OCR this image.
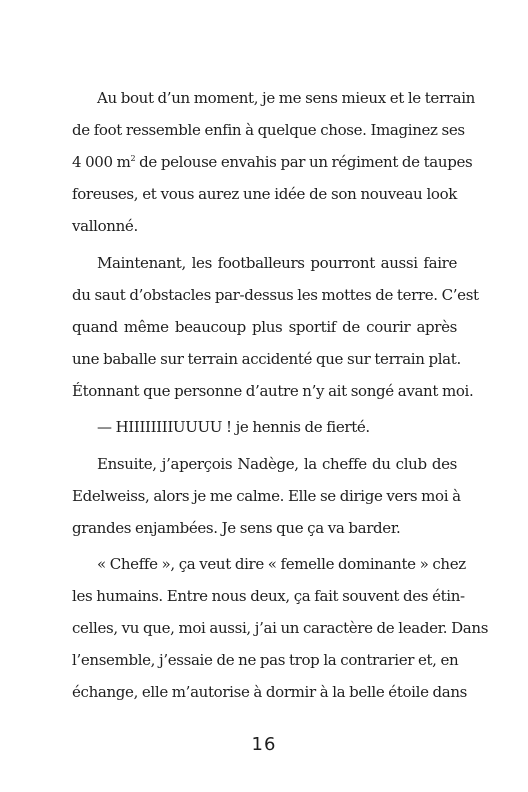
Au bout d’un moment, je me sens mieux et le terrain
de foot ressemble enfin à quelque chose. Imaginez ses
4 000 $m^2$ de pelouse envahis par un régiment de taupes
foreuses, et vous aurez une idée de son nouveau look
vallonné.

Maintenant, les footballeurs pourront aussi faire
du saut d’obstacles par-dessus les mottes de terre. C’est
quand même beaucoup plus sportif de courir après
une baballe sur terrain accidenté que sur terrain plat.
Étonnant que personne d’autre n’y ait songé avant moi.

— HIIIIIIIIUUUU ! je hennis de fierté.

Ensuite, j’aperçois Nadège, la cheffe du club des
Edelweiss, alors je me calme. Elle se dirige vers moi à
grandes enjambées. Je sens que ça va barder.

« Cheffe », ça veut dire « femelle dominante » chez
les humains. Entre nous deux, ça fait souvent des étin-
celles, vu que, moi aussi, j’ai un caractère de leader. Dans
l’ensemble, j’essaie de ne pas trop la contrarier et, en
échange, elle m’autorise à dormir à la belle étoile dans

16
